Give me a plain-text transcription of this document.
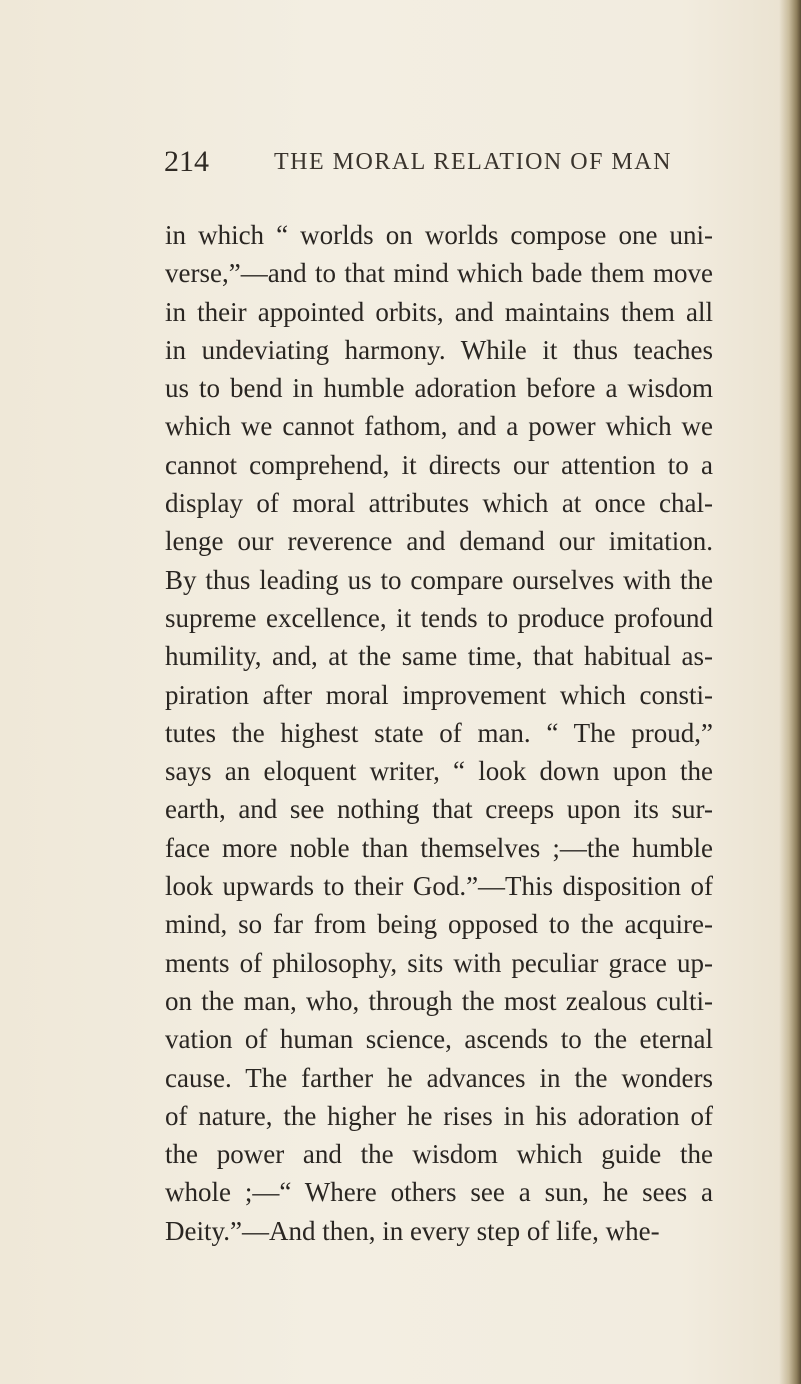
214	THE MORAL RELATION OF MAN
in which “ worlds on worlds compose one uni-
verse,”—and to that mind which bade them move
in their appointed orbits, and maintains them all
in undeviating harmony. While it thus teaches
us to bend in humble adoration before a wisdom
which we cannot fathom, and a power which we
cannot comprehend, it directs our attention to a
display of moral attributes which at once chal-
lenge our reverence and demand our imitation.
By thus leading us to compare ourselves with the
supreme excellence, it tends to produce profound
humility, and, at the same time, that habitual as-
piration after moral improvement which consti-
tutes the highest state of man. “ The proud,”
says an eloquent writer, “ look down upon the
earth, and see nothing that creeps upon its sur-
face more noble than themselves ;—the humble
look upwards to their God.”—This disposition of
mind, so far from being opposed to the acquire-
ments of philosophy, sits with peculiar grace up-
on the man, who, through the most zealous culti-
vation of human science, ascends to the eternal
cause. The farther he advances in the wonders
of nature, the higher he rises in his adoration of
the power and the wisdom which guide the
whole ;—“ Where others see a sun, he sees a
Deity.”—And then, in every step of life, whe-
